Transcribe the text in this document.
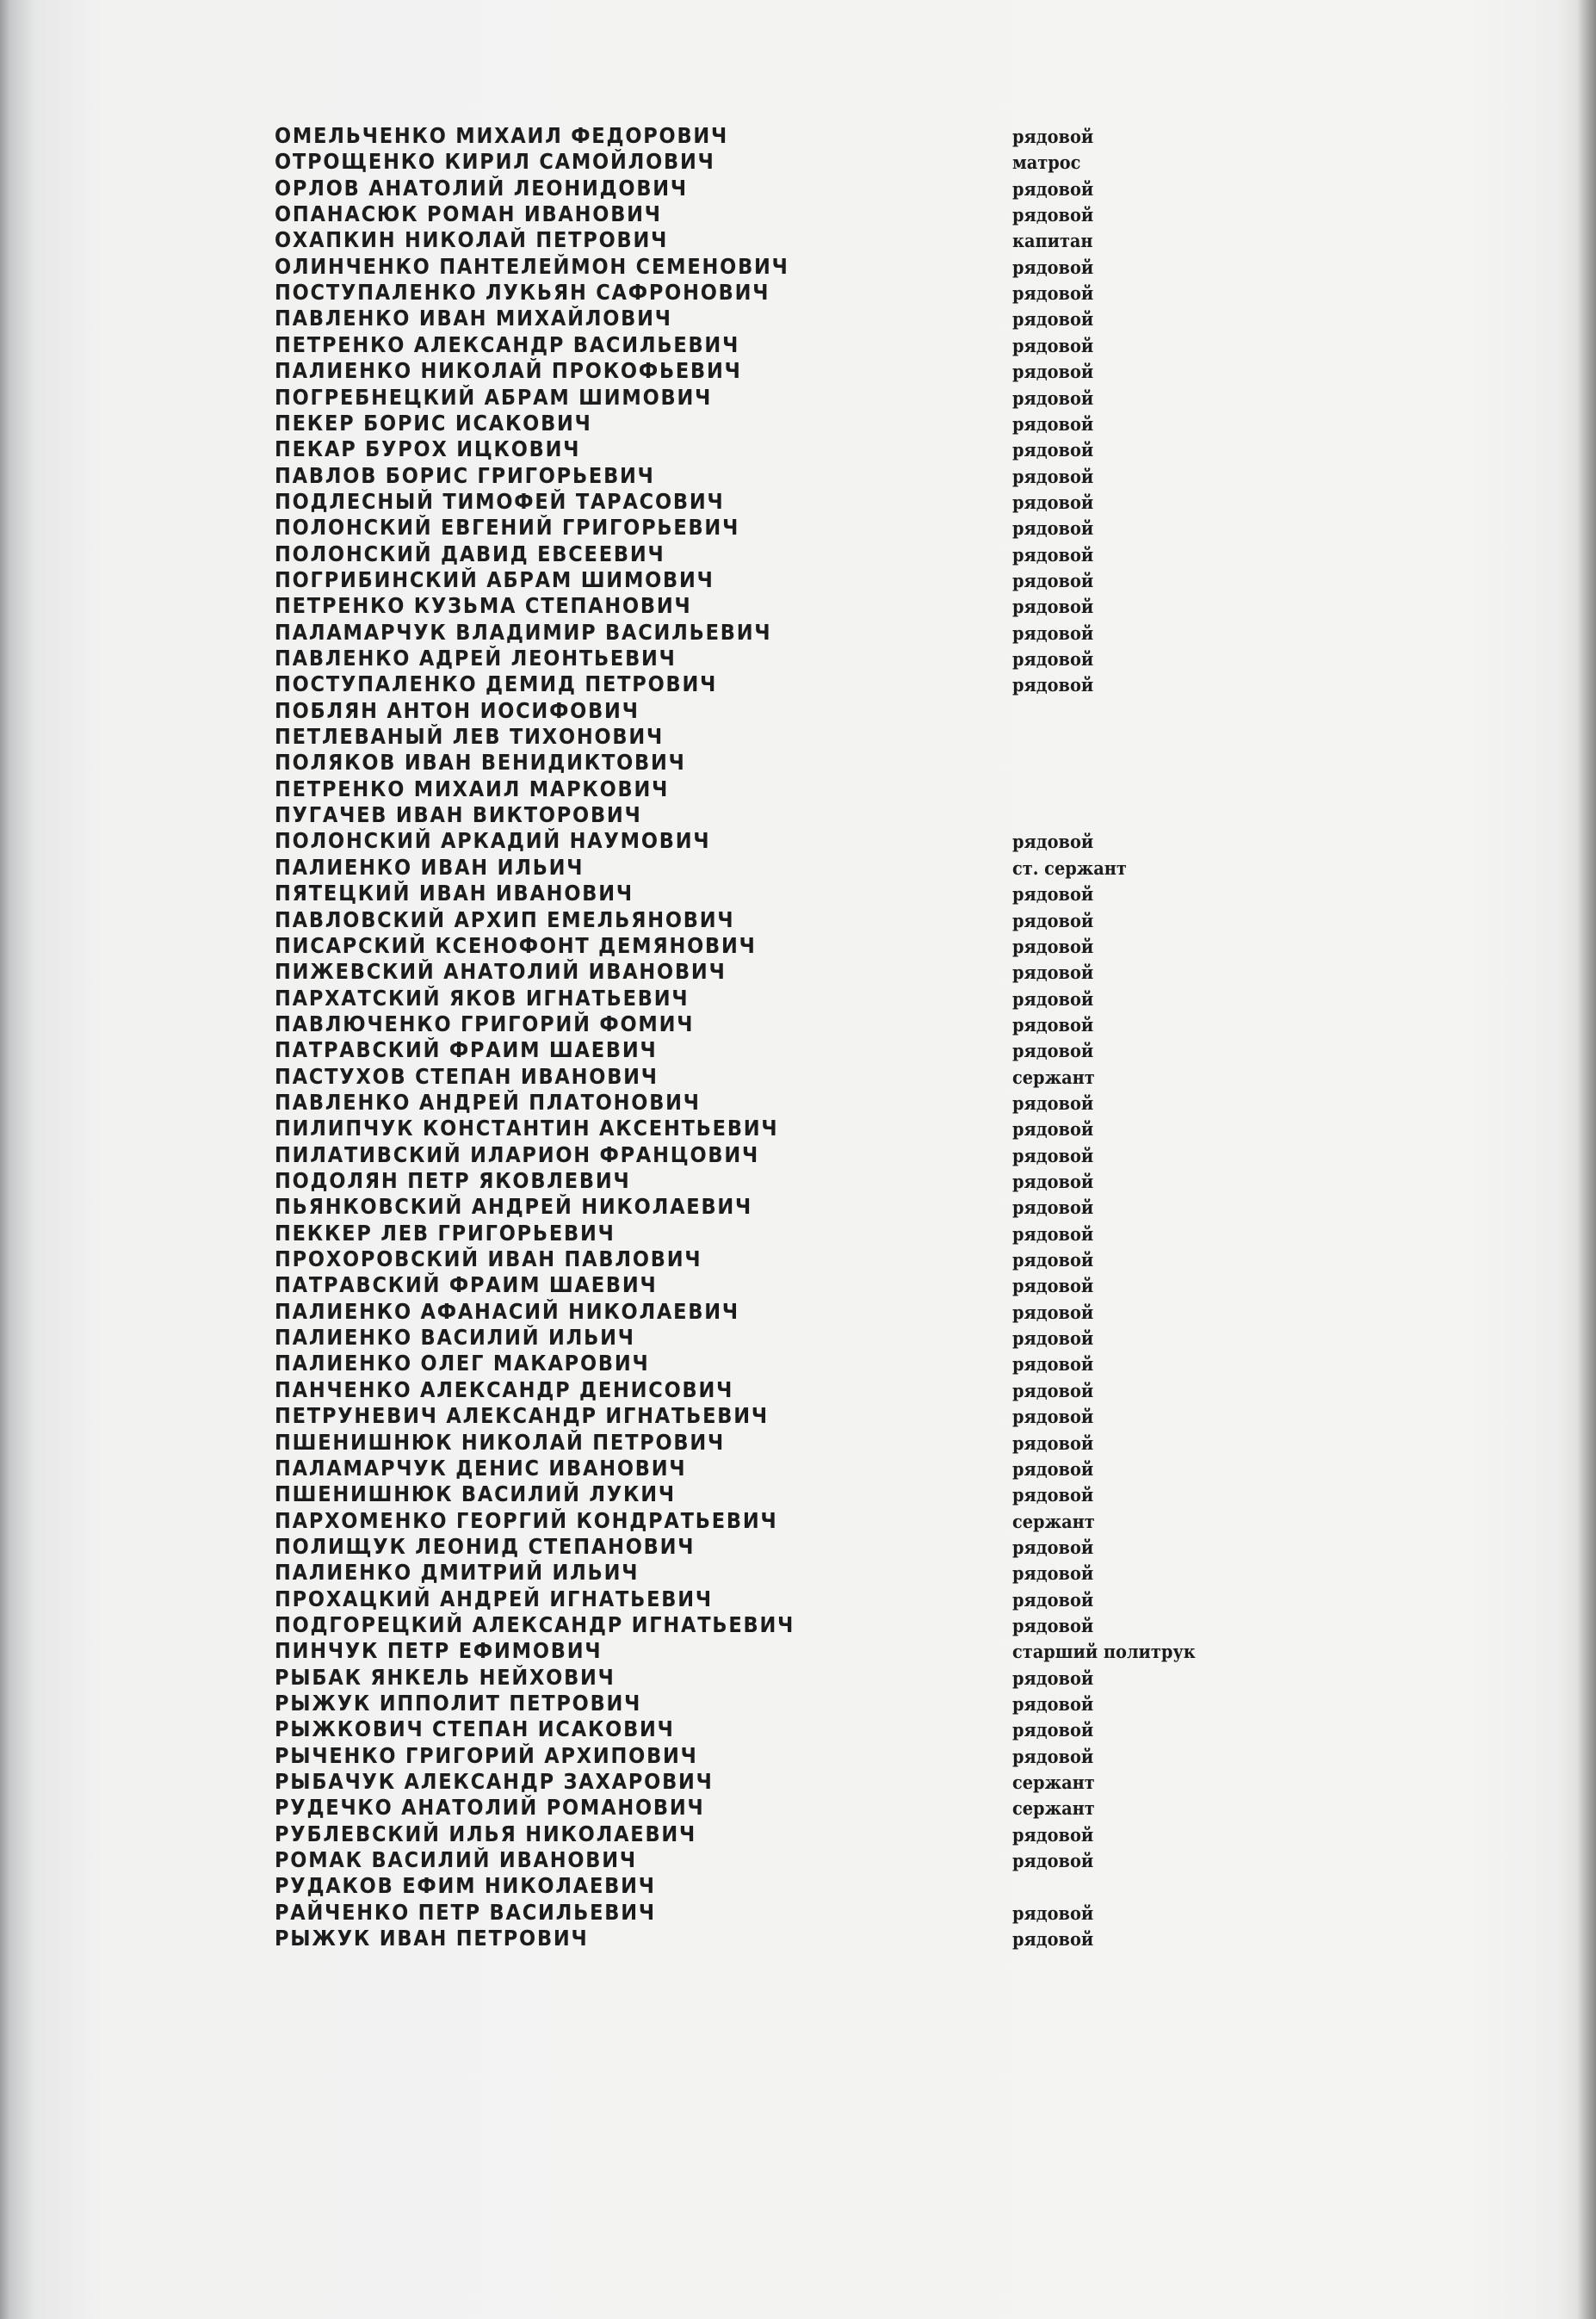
ОМЕЛЬЧЕНКО МИХАИЛ ФЕДОРОВИЧ	рядовой
ОТРОЩЕНКО КИРИЛ САМОЙЛОВИЧ	матрос
ОРЛОВ АНАТОЛИЙ ЛЕОНИДОВИЧ	рядовой
ОПАНАСЮК РОМАН ИВАНОВИЧ	рядовой
ОХАПКИН НИКОЛАЙ ПЕТРОВИЧ	капитан
ОЛИНЧЕНКО ПАНТЕЛЕЙМОН СЕМЕНОВИЧ	рядовой
ПОСТУПАЛЕНКО ЛУКЬЯН САФРОНОВИЧ	рядовой
ПАВЛЕНКО ИВАН МИХАЙЛОВИЧ	рядовой
ПЕТРЕНКО АЛЕКСАНДР ВАСИЛЬЕВИЧ	рядовой
ПАЛИЕНКО НИКОЛАЙ ПРОКОФЬЕВИЧ	рядовой
ПОГРЕБНЕЦКИЙ АБРАМ ШИМОВИЧ	рядовой
ПЕКЕР БОРИС ИСАКОВИЧ	рядовой
ПЕКАР БУРОХ ИЦКОВИЧ	рядовой
ПАВЛОВ БОРИС ГРИГОРЬЕВИЧ	рядовой
ПОДЛЕСНЫЙ ТИМОФЕЙ ТАРАСОВИЧ	рядовой
ПОЛОНСКИЙ ЕВГЕНИЙ ГРИГОРЬЕВИЧ	рядовой
ПОЛОНСКИЙ ДАВИД ЕВСЕЕВИЧ	рядовой
ПОГРИБИНСКИЙ АБРАМ ШИМОВИЧ	рядовой
ПЕТРЕНКО КУЗЬМА СТЕПАНОВИЧ	рядовой
ПАЛАМАРЧУК ВЛАДИМИР ВАСИЛЬЕВИЧ	рядовой
ПАВЛЕНКО АДРЕЙ ЛЕОНТЬЕВИЧ	рядовой
ПОСТУПАЛЕНКО ДЕМИД ПЕТРОВИЧ	рядовой
ПОБЛЯН АНТОН ИОСИФОВИЧ
ПЕТЛЕВАНЫЙ ЛЕВ ТИХОНОВИЧ
ПОЛЯКОВ ИВАН ВЕНИДИКТОВИЧ
ПЕТРЕНКО МИХАИЛ МАРКОВИЧ
ПУГАЧЕВ ИВАН ВИКТОРОВИЧ
ПОЛОНСКИЙ АРКАДИЙ НАУМОВИЧ	рядовой
ПАЛИЕНКО ИВАН ИЛЬИЧ	ст. сержант
ПЯТЕЦКИЙ ИВАН ИВАНОВИЧ	рядовой
ПАВЛОВСКИЙ АРХИП ЕМЕЛЬЯНОВИЧ	рядовой
ПИСАРСКИЙ КСЕНОФОНТ ДЕМЯНОВИЧ	рядовой
ПИЖЕВСКИЙ АНАТОЛИЙ ИВАНОВИЧ	рядовой
ПАРХАТСКИЙ ЯКОВ ИГНАТЬЕВИЧ	рядовой
ПАВЛЮЧЕНКО ГРИГОРИЙ ФОМИЧ	рядовой
ПАТРАВСКИЙ ФРАИМ ШАЕВИЧ	рядовой
ПАСТУХОВ СТЕПАН ИВАНОВИЧ	сержант
ПАВЛЕНКО АНДРЕЙ ПЛАТОНОВИЧ	рядовой
ПИЛИПЧУК КОНСТАНТИН АКСЕНТЬЕВИЧ	рядовой
ПИЛАТИВСКИЙ ИЛАРИОН ФРАНЦОВИЧ	рядовой
ПОДОЛЯН ПЕТР ЯКОВЛЕВИЧ	рядовой
ПЬЯНКОВСКИЙ АНДРЕЙ НИКОЛАЕВИЧ	рядовой
ПЕККЕР ЛЕВ ГРИГОРЬЕВИЧ	рядовой
ПРОХОРОВСКИЙ ИВАН ПАВЛОВИЧ	рядовой
ПАТРАВСКИЙ ФРАИМ ШАЕВИЧ	рядовой
ПАЛИЕНКО АФАНАСИЙ НИКОЛАЕВИЧ	рядовой
ПАЛИЕНКО ВАСИЛИЙ ИЛЬИЧ	рядовой
ПАЛИЕНКО ОЛЕГ МАКАРОВИЧ	рядовой
ПАНЧЕНКО АЛЕКСАНДР ДЕНИСОВИЧ	рядовой
ПЕТРУНЕВИЧ АЛЕКСАНДР ИГНАТЬЕВИЧ	рядовой
ПШЕНИШНЮК НИКОЛАЙ ПЕТРОВИЧ	рядовой
ПАЛАМАРЧУК ДЕНИС ИВАНОВИЧ	рядовой
ПШЕНИШНЮК ВАСИЛИЙ ЛУКИЧ	рядовой
ПАРХОМЕНКО ГЕОРГИЙ КОНДРАТЬЕВИЧ	сержант
ПОЛИЩУК ЛЕОНИД СТЕПАНОВИЧ	рядовой
ПАЛИЕНКО ДМИТРИЙ ИЛЬИЧ	рядовой
ПРОХАЦКИЙ АНДРЕЙ ИГНАТЬЕВИЧ	рядовой
ПОДГОРЕЦКИЙ АЛЕКСАНДР ИГНАТЬЕВИЧ	рядовой
ПИНЧУК ПЕТР ЕФИМОВИЧ	старший политрук
РЫБАК ЯНКЕЛЬ НЕЙХОВИЧ	рядовой
РЫЖУК ИППОЛИТ ПЕТРОВИЧ	рядовой
РЫЖКОВИЧ СТЕПАН ИСАКОВИЧ	рядовой
РЫЧЕНКО ГРИГОРИЙ АРХИПОВИЧ	рядовой
РЫБАЧУК АЛЕКСАНДР ЗАХАРОВИЧ	сержант
РУДЕЧКО АНАТОЛИЙ РОМАНОВИЧ	сержант
РУБЛЕВСКИЙ ИЛЬЯ НИКОЛАЕВИЧ	рядовой
РОМАК ВАСИЛИЙ ИВАНОВИЧ	рядовой
РУДАКОВ ЕФИМ НИКОЛАЕВИЧ
РАЙЧЕНКО ПЕТР ВАСИЛЬЕВИЧ	рядовой
РЫЖУК ИВАН ПЕТРОВИЧ	рядовой
